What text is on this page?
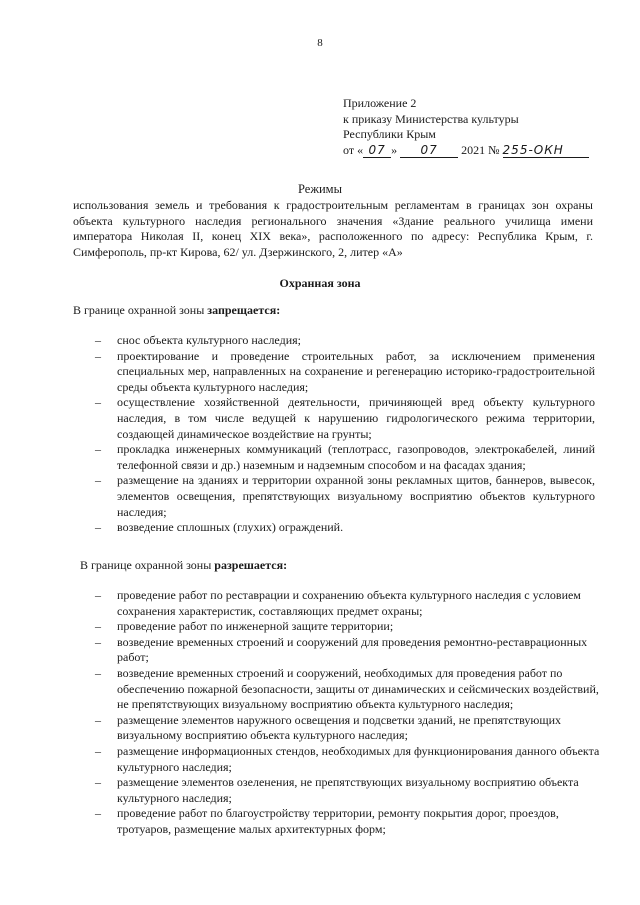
8
Приложение 2
к приказу Министерства культуры
Республики Крым
от « 07 » 07 2021 № 255-ОКН
Режимы
использования земель и требования к градостроительным регламентам в границах зон охраны объекта культурного наследия регионального значения «Здание реального училища имени императора Николая II, конец XIX века», расположенного по адресу: Республика Крым, г. Симферополь, пр-кт Кирова, 62/ ул. Дзержинского, 2, литер «А»
Охранная зона
В границе охранной зоны запрещается:
– снос объекта культурного наследия;
– проектирование и проведение строительных работ, за исключением применения специальных мер, направленных на сохранение и регенерацию историко-градостроительной среды объекта культурного наследия;
– осуществление хозяйственной деятельности, причиняющей вред объекту культурного наследия, в том числе ведущей к нарушению гидрологического режима территории, создающей динамическое воздействие на грунты;
– прокладка инженерных коммуникаций (теплотрасс, газопроводов, электрокабелей, линий телефонной связи и др.) наземным и надземным способом и на фасадах здания;
– размещение на зданиях и территории охранной зоны рекламных щитов, баннеров, вывесок, элементов освещения, препятствующих визуальному восприятию объектов культурного наследия;
– возведение сплошных (глухих) ограждений.
В границе охранной зоны разрешается:
– проведение работ по реставрации и сохранению объекта культурного наследия с условием сохранения характеристик, составляющих предмет охраны;
– проведение работ по инженерной защите территории;
– возведение временных строений и сооружений для проведения ремонтно-реставрационных работ;
– возведение временных строений и сооружений, необходимых для проведения работ по обеспечению пожарной безопасности, защиты от динамических и сейсмических воздействий, не препятствующих визуальному восприятию объекта культурного наследия;
– размещение элементов наружного освещения и подсветки зданий, не препятствующих визуальному восприятию объекта культурного наследия;
– размещение информационных стендов, необходимых для функционирования данного объекта культурного наследия;
– размещение элементов озеленения, не препятствующих визуальному восприятию объекта культурного наследия;
– проведение работ по благоустройству территории, ремонту покрытия дорог, проездов, тротуаров, размещение малых архитектурных форм;
